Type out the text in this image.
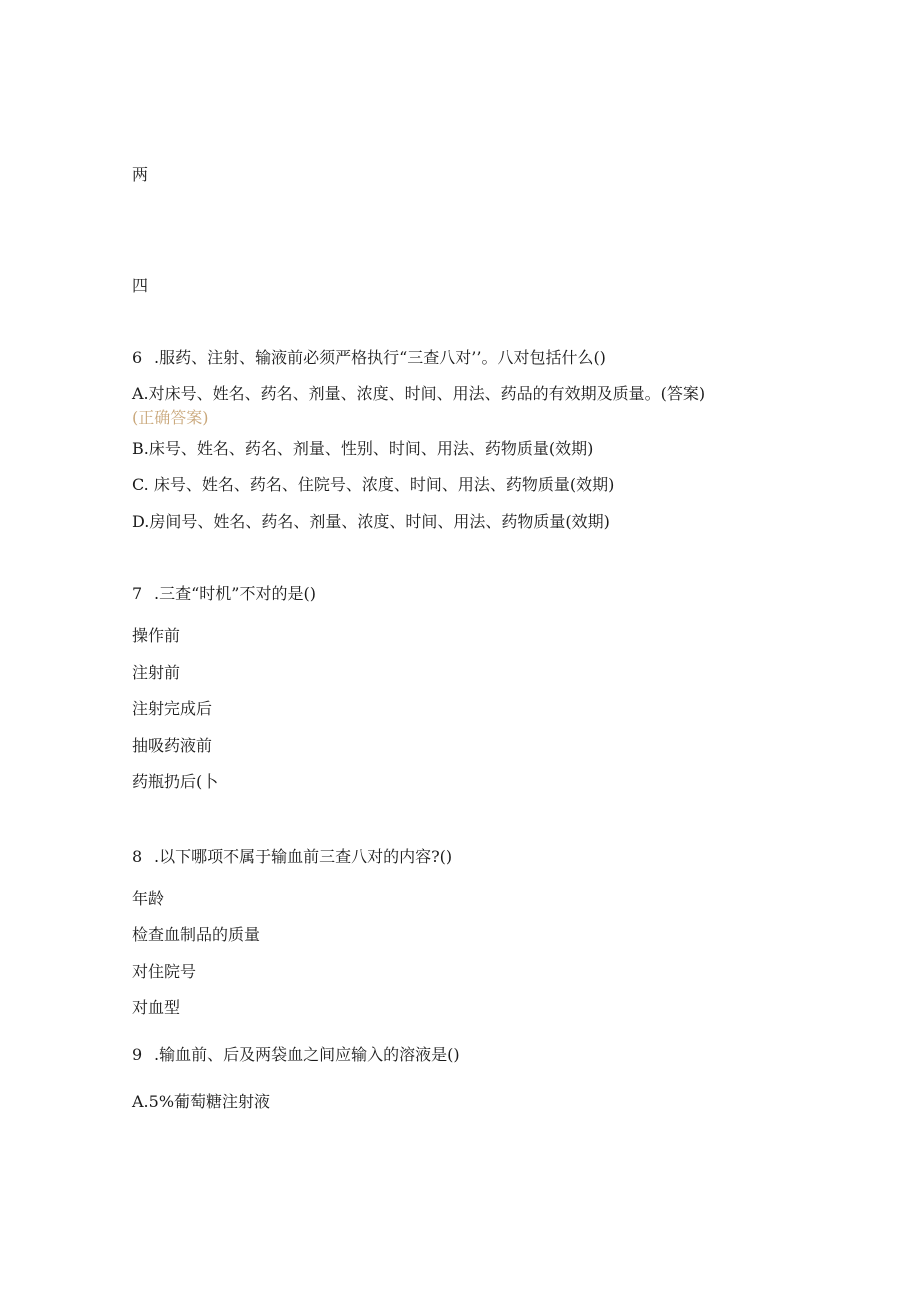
两
四
6 .服药、注射、输液前必须严格执行“三查八对’’。八对包括什么()
A.对床号、姓名、药名、剂量、浓度、时间、用法、药品的有效期及质量。(答案)
(正确答案)
B.床号、姓名、药名、剂量、性别、时间、用法、药物质量(效期)
C. 床号、姓名、药名、住院号、浓度、时间、用法、药物质量(效期)
D.房间号、姓名、药名、剂量、浓度、时间、用法、药物质量(效期)
7 .三查“时机”不对的是()
操作前
注射前
注射完成后
抽吸药液前
药瓶扔后(卜
8 .以下哪项不属于输血前三查八对的内容?()
年龄
检查血制品的质量
对住院号
对血型
9 .输血前、后及两袋血之间应输入的溶液是()
A.5%葡萄糖注射液
